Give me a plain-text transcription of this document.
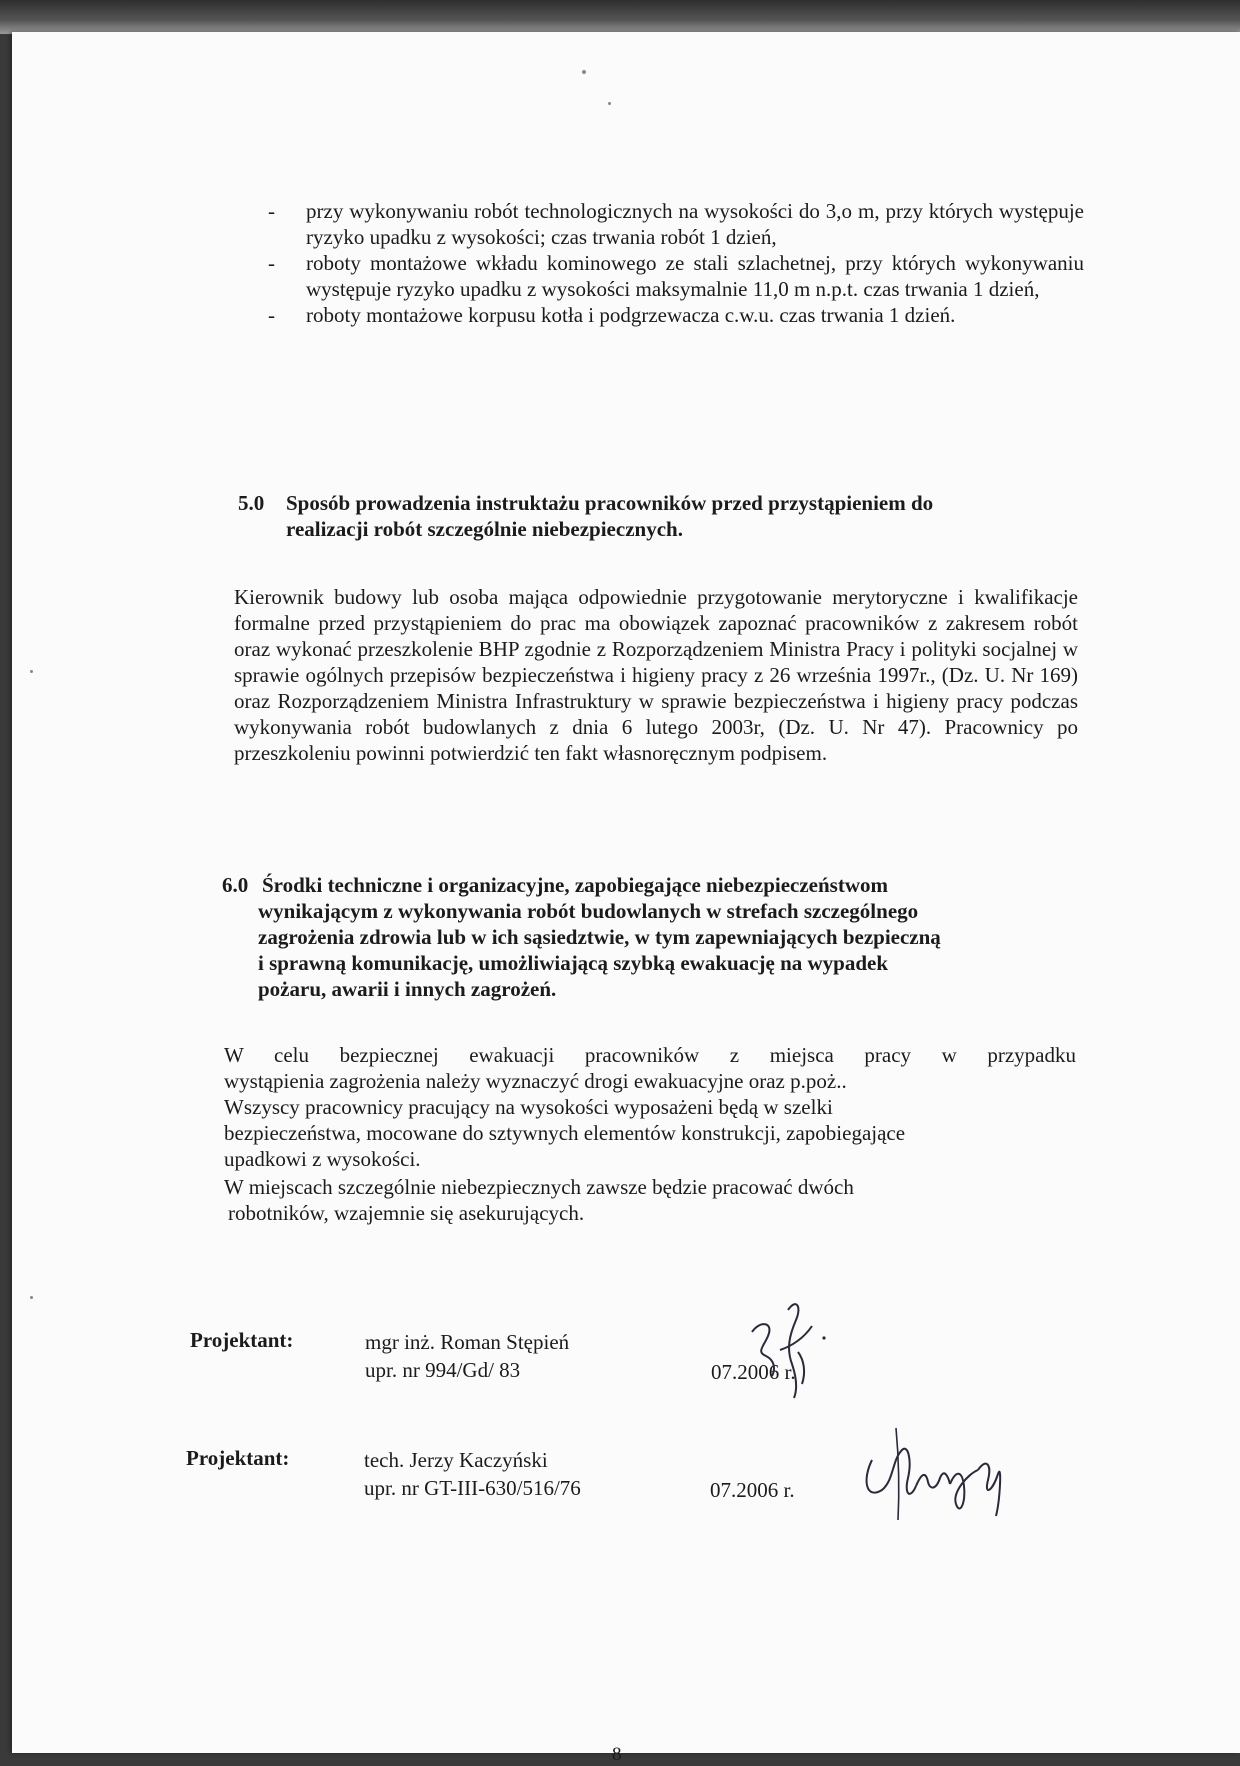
- przy wykonywaniu robót technologicznych na wysokości do 3,o m, przy których występuje ryzyko upadku z wysokości; czas trwania robót 1 dzień,
- roboty montażowe wkładu kominowego ze stali szlachetnej, przy których wykonywaniu występuje ryzyko upadku z wysokości maksymalnie 11,0 m n.p.t. czas trwania 1 dzień,
- roboty montażowe korpusu kotła i podgrzewacza c.w.u. czas trwania 1 dzień.
5.0 Sposób prowadzenia instruktażu pracowników przed przystąpieniem do
realizacji robót szczególnie niebezpiecznych.

Kierownik budowy lub osoba mająca odpowiednie przygotowanie merytoryczne i kwalifikacje formalne przed przystąpieniem do prac ma obowiązek zapoznać pracowników z zakresem robót oraz wykonać przeszkolenie BHP zgodnie z Rozporządzeniem Ministra Pracy i polityki socjalnej w sprawie ogólnych przepisów bezpieczeństwa i higieny pracy z 26 września 1997r., (Dz. U. Nr 169) oraz Rozporządzeniem Ministra Infrastruktury w sprawie bezpieczeństwa i higieny pracy podczas wykonywania robót budowlanych z dnia 6 lutego 2003r, (Dz. U. Nr 47). Pracownicy po przeszkoleniu powinni potwierdzić ten fakt własnoręcznym podpisem.

6.0 Środki techniczne i organizacyjne, zapobiegające niebezpieczeństwom
wynikającym z wykonywania robót budowlanych w strefach szczególnego
zagrożenia zdrowia lub w ich sąsiedztwie, w tym zapewniających bezpieczną
i sprawną komunikację, umożliwiającą szybką ewakuację na wypadek
pożaru, awarii i innych zagrożeń.
W celu bezpiecznej ewakuacji pracowników z miejsca pracy w przypadku
wystąpienia zagrożenia należy wyznaczyć drogi ewakuacyjne oraz p.poż..
Wszyscy pracownicy pracujący na wysokości wyposażeni będą w szelki
bezpieczeństwa, mocowane do sztywnych elementów konstrukcji, zapobiegające
upadkowi z wysokości.
W miejscach szczególnie niebezpiecznych zawsze będzie pracować dwóch
robotników, wzajemnie się asekurujących.
Projektant:	mgr inż. Roman Stępień
upr. nr 994/Gd/ 83	07.2006 r.
Projektant:	tech. Jerzy Kaczyński
upr. nr GT-III-630/516/76	07.2006 r.
8
